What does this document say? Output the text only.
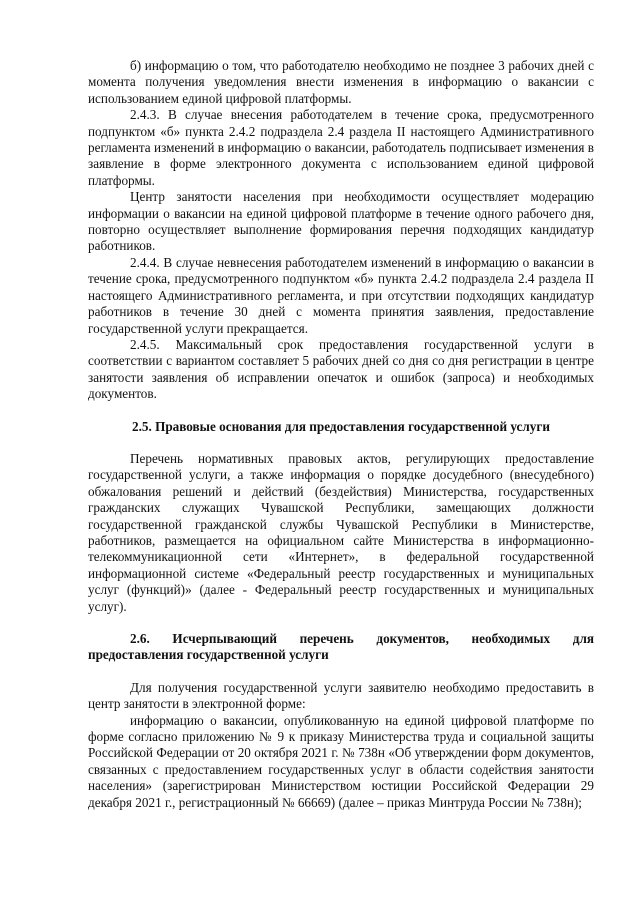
б) информацию о том, что работодателю необходимо не позднее 3 рабочих дней с момента получения уведомления внести изменения в информацию о вакансии с использованием единой цифровой платформы.

2.4.3. В случае внесения работодателем в течение срока, предусмотренного подпунктом «б» пункта 2.4.2 подраздела 2.4 раздела II настоящего Административного регламента изменений в информацию о вакансии, работодатель подписывает изменения в заявление в форме электронного документа с использованием единой цифровой платформы.

Центр занятости населения при необходимости осуществляет модерацию информации о вакансии на единой цифровой платформе в течение одного рабочего дня, повторно осуществляет выполнение формирования перечня подходящих кандидатур работников.

2.4.4. В случае невнесения работодателем изменений в информацию о вакансии в течение срока, предусмотренного подпунктом «б» пункта 2.4.2 подраздела 2.4 раздела II настоящего Административного регламента, и при отсутствии подходящих кандидатур работников в течение 30 дней с момента принятия заявления, предоставление государственной услуги прекращается.

2.4.5. Максимальный срок предоставления государственной услуги в соответствии с вариантом составляет 5 рабочих дней со дня со дня регистрации в центре занятости заявления об исправлении опечаток и ошибок (запроса) и необходимых документов.

2.5. Правовые основания для предоставления государственной услуги

Перечень нормативных правовых актов, регулирующих предоставление государственной услуги, а также информация о порядке досудебного (внесудебного) обжалования решений и действий (бездействия) Министерства, государственных гражданских служащих Чувашской Республики, замещающих должности государственной гражданской службы Чувашской Республики в Министерстве, работников, размещается на официальном сайте Министерства в информационно-телекоммуникационной сети «Интернет», в федеральной государственной информационной системе «Федеральный реестр государственных и муниципальных услуг (функций)» (далее - Федеральный реестр государственных и муниципальных услуг).

2.6. Исчерпывающий перечень документов, необходимых для предоставления государственной услуги

Для получения государственной услуги заявителю необходимо предоставить в центр занятости в электронной форме:

информацию о вакансии, опубликованную на единой цифровой платформе по форме согласно приложению № 9 к приказу Министерства труда и социальной защиты Российской Федерации от 20 октября 2021 г. № 738н «Об утверждении форм документов, связанных с предоставлением государственных услуг в области содействия занятости населения» (зарегистрирован Министерством юстиции Российской Федерации 29 декабря 2021 г., регистрационный № 66669) (далее – приказ Минтруда России № 738н);
